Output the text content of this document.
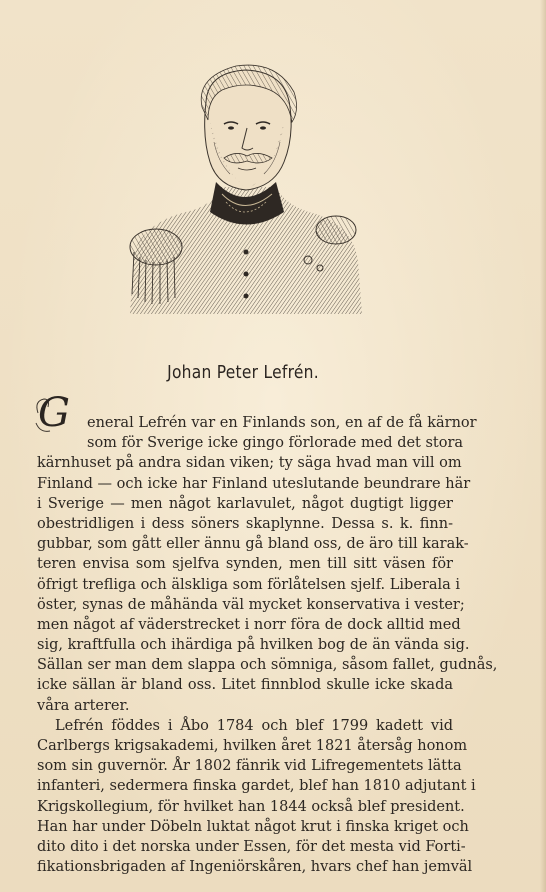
Johan Peter Lefrén.
G	eneral Lefrén var en Finlands son, en af de få kärnor
som för Sverige icke gingo förlorade med det stora
kärnhuset på andra sidan viken; ty säga hvad man vill om
Finland — och icke har Finland uteslutande beundrare här
i Sverige — men något karlavulet, något dugtigt ligger
obestridligen i dess söners skaplynne. Dessa s. k. finn-
gubbar, som gått eller ännu gå bland oss, de äro till karak-
teren envisa som sjelfva synden, men till sitt väsen för
öfrigt trefliga och älskliga som förlåtelsen sjelf. Liberala i
öster, synas de måhända väl mycket konservativa i vester;
men något af väderstrecket i norr föra de dock alltid med
sig, kraftfulla och ihärdiga på hvilken bog de än vända sig.
Sällan ser man dem slappa och sömniga, såsom fallet, gudnås,
icke sällan är bland oss. Litet finnblod skulle icke skada
våra arterer.
Lefrén föddes i Åbo 1784 och blef 1799 kadett vid
Carlbergs krigsakademi, hvilken året 1821 återsåg honom
som sin guvernör. År 1802 fänrik vid Lifregementets lätta
infanteri, sedermera finska gardet, blef han 1810 adjutant i
Krigskollegium, för hvilket han 1844 också blef president.
Han har under Döbeln luktat något krut i finska kriget och
dito dito i det norska under Essen, för det mesta vid Forti-
fikationsbrigaden af Ingeniörskåren, hvars chef han jemväl
